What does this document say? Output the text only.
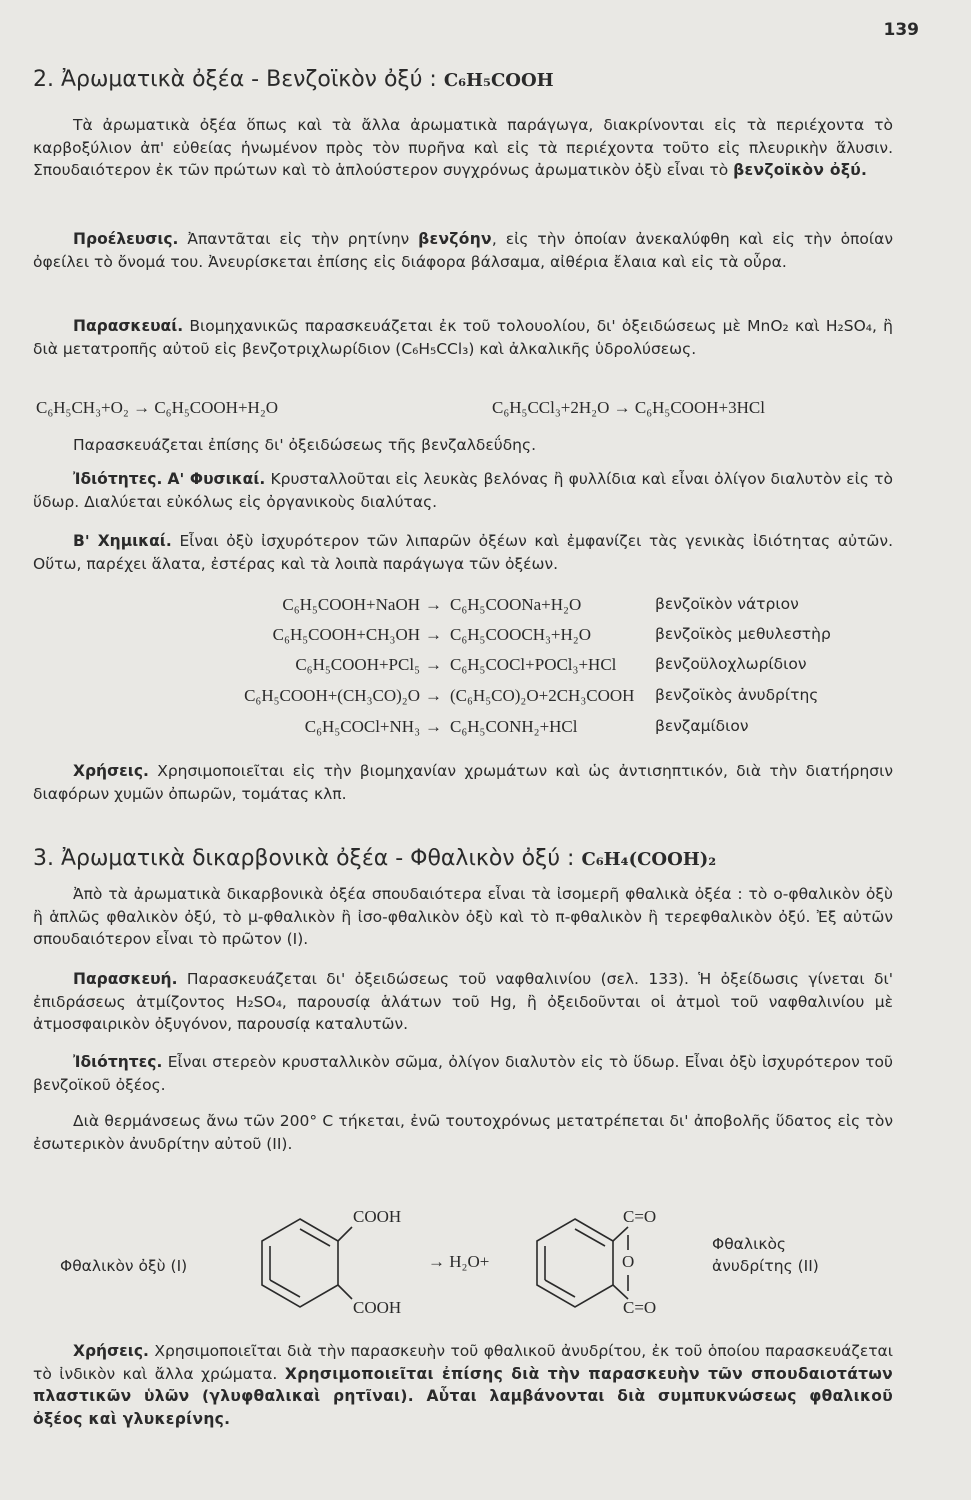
139
2. Ἀρωματικὰ ὀξέα - Βενζοϊκὸν ὀξύ : C₆H₅COOH
Τὰ ἀρωματικὰ ὀξέα ὅπως καὶ τὰ ἄλλα ἀρωματικὰ παράγωγα, διακρίνονται εἰς τὰ περιέχοντα τὸ καρβοξύλιον ἀπ' εὐθείας ἡνωμένον πρὸς τὸν πυρῆνα καὶ εἰς τὰ περιέχοντα τοῦτο εἰς πλευρικὴν ἅλυσιν. Σπουδαιότερον ἐκ τῶν πρώτων καὶ τὸ ἁπλούστερον συγχρόνως ἀρωματικὸν ὀξὺ εἶναι τὸ βενζοϊκὸν ὀξύ.
Προέλευσις. Ἀπαντᾶται εἰς τὴν ρητίνην βενζόην, εἰς τὴν ὁποίαν ἀνεκαλύφθη καὶ εἰς τὴν ὁποίαν ὀφείλει τὸ ὄνομά του. Ἀνευρίσκεται ἐπίσης εἰς διάφορα βάλσαμα, αἰθέρια ἔλαια καὶ εἰς τὰ οὖρα.
Παρασκευαί. Βιομηχανικῶς παρασκευάζεται ἐκ τοῦ τολουολίου, δι' ὀξειδώσεως μὲ MnO₂ καὶ H₂SO₄, ἢ διὰ μετατροπῆς αὐτοῦ εἰς βενζοτριχλωρίδιον (C₆H₅CCl₃) καὶ ἀλκαλικῆς ὑδρολύσεως.
C₆H₅CH₃+O₂ → C₆H₅COOH+H₂O	C₆H₅CCl₃+2H₂O → C₆H₅COOH+3HCl
Παρασκευάζεται ἐπίσης δι' ὀξειδώσεως τῆς βενζαλδεΰδης.
Ἰδιότητες. Α' Φυσικαί. Κρυσταλλοῦται εἰς λευκὰς βελόνας ἢ φυλλίδια καὶ εἶναι ὀλίγον διαλυτὸν εἰς τὸ ὕδωρ. Διαλύεται εὐκόλως εἰς ὀργανικοὺς διαλύτας.
Β' Χημικαί. Εἶναι ὀξὺ ἰσχυρότερον τῶν λιπαρῶν ὀξέων καὶ ἐμφανίζει τὰς γενικὰς ἰδιότητας αὐτῶν. Οὕτω, παρέχει ἅλατα, ἐστέρας καὶ τὰ λοιπὰ παράγωγα τῶν ὀξέων.
C₆H₅COOH+NaOH → C₆H₅COONa+H₂O	βενζοϊκὸν νάτριον
C₆H₅COOH+CH₃OH → C₆H₅COOCH₃+H₂O	βενζοϊκὸς μεθυλεστὴρ
C₆H₅COOH+PCl₅ → C₆H₅COCl+POCl₃+HCl βενζοϋλοχλωρίδιον
C₆H₅COOH+(CH₃CO)₂O → (C₆H₅CO)₂O+2CH₃COOH βενζοϊκὸς ἀνυδρίτης
C₆H₅COCl+NH₃ → C₆H₅CONH₂+HCl	βενζαμίδιον
Χρήσεις. Χρησιμοποιεῖται εἰς τὴν βιομηχανίαν χρωμάτων καὶ ὡς ἀντισηπτικόν, διὰ τὴν διατήρησιν διαφόρων χυμῶν ὀπωρῶν, τομάτας κλπ.
3. Ἀρωματικὰ δικαρβονικὰ ὀξέα - Φθαλικὸν ὀξύ : C₆H₄(COOH)₂
Ἀπὸ τὰ ἀρωματικὰ δικαρβονικὰ ὀξέα σπουδαιότερα εἶναι τὰ ἰσομερῆ φθαλικὰ ὀξέα : τὸ ο-φθαλικὸν ὀξὺ ἢ ἁπλῶς φθαλικὸν ὀξύ, τὸ μ-φθαλικὸν ἢ ἰσο-φθαλικὸν ὀξὺ καὶ τὸ π-φθαλικὸν ἢ τερεφθαλικὸν ὀξύ. Ἐξ αὐτῶν σπουδαιότερον εἶναι τὸ πρῶτον (I).
Παρασκευή. Παρασκευάζεται δι' ὀξειδώσεως τοῦ ναφθαλινίου (σελ. 133). Ἡ ὀξείδωσις γίνεται δι' ἐπιδράσεως ἀτμίζοντος H₂SO₄, παρουσίᾳ ἁλάτων τοῦ Hg, ἢ ὀξειδοῦνται οἱ ἀτμοὶ τοῦ ναφθαλινίου μὲ ἀτμοσφαιρικὸν ὀξυγόνον, παρουσίᾳ καταλυτῶν.
Ἰδιότητες. Εἶναι στερεὸν κρυσταλλικὸν σῶμα, ὀλίγον διαλυτὸν εἰς τὸ ὕδωρ. Εἶναι ὀξὺ ἰσχυρότερον τοῦ βενζοϊκοῦ ὀξέος.
Διὰ θερμάνσεως ἄνω τῶν 200° C τήκεται, ἐνῶ τουτοχρόνως μετατρέπεται δι' ἀποβολῆς ὕδατος εἰς τὸν ἐσωτερικὸν ἀνυδρίτην αὐτοῦ (II).
Φθαλικὸν ὀξὺ (I)
COOH
COOH
→ H₂O+
C=O
O
C=O
Φθαλικὸς
ἀνυδρίτης (II)
Χρήσεις. Χρησιμοποιεῖται διὰ τὴν παρασκευὴν τοῦ φθαλικοῦ ἀνυδρίτου, ἐκ τοῦ ὁποίου παρασκευάζεται τὸ ἰνδικὸν καὶ ἄλλα χρώματα. Χρησιμοποιεῖται ἐπίσης διὰ τὴν παρασκευὴν τῶν σπουδαιοτάτων πλαστικῶν ὑλῶν (γλυφθαλικαὶ ρητῖναι). Αὗται λαμβάνονται διὰ συμπυκνώσεως φθαλικοῦ ὀξέος καὶ γλυκερίνης.
